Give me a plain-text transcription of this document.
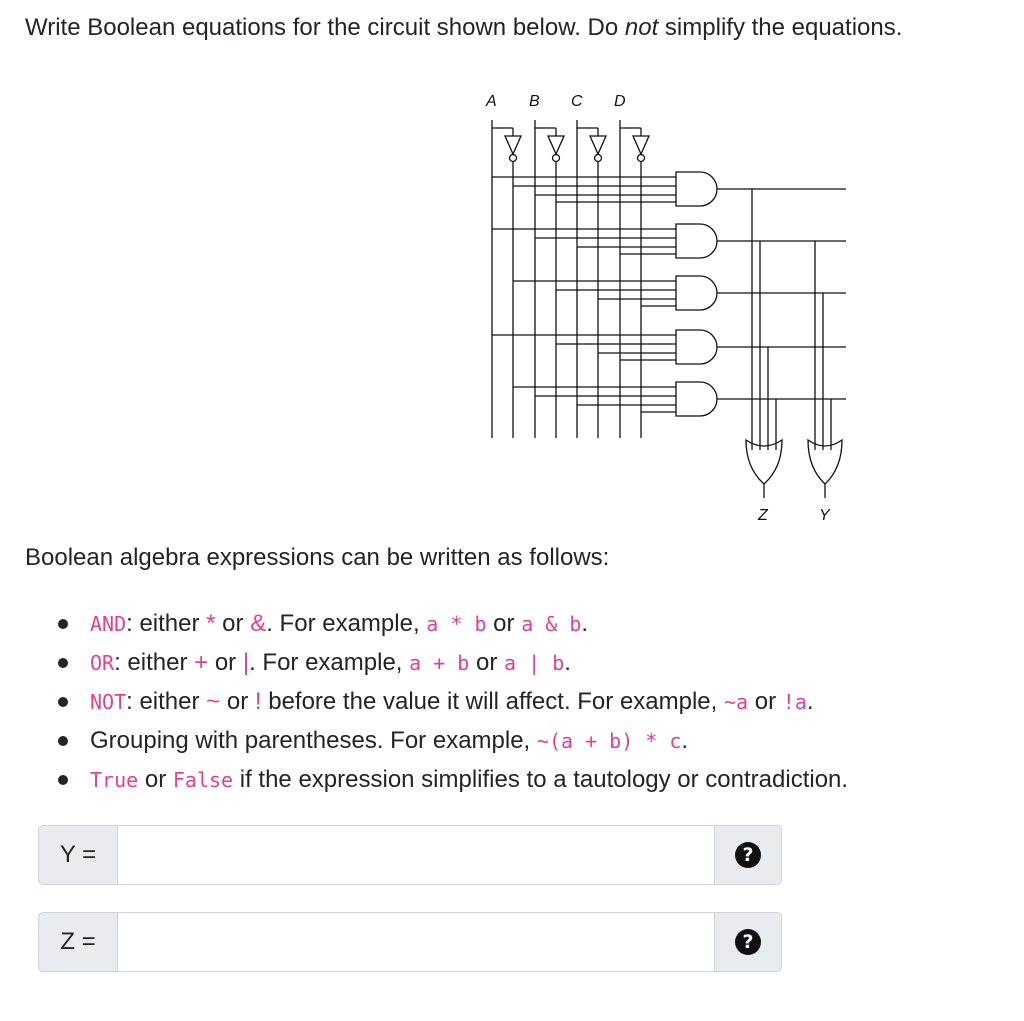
Write Boolean equations for the circuit shown below. Do not simplify the equations.
A B C D
Z	Y
Boolean algebra expressions can be written as follows:
AND: either * or &. For example, a * b or a & b.
OR: either + or |. For example, a + b or a | b.
NOT: either ~ or ! before the value it will affect. For example, ~a or !a.
Grouping with parentheses. For example, ~(a + b) * c.
True or False if the expression simplifies to a tautology or contradiction.
Y =	?
Z =	?
